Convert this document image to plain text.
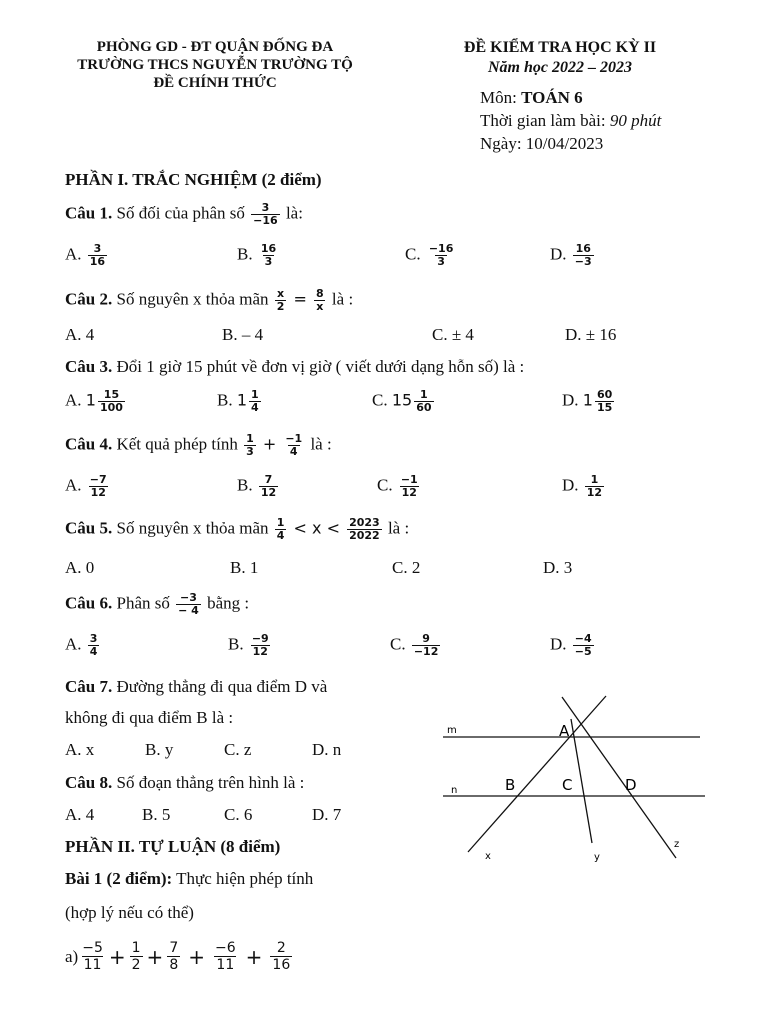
PHÒNG GD - ĐT QUẬN ĐỐNG ĐA
TRƯỜNG THCS NGUYỄN TRƯỜNG TỘ
ĐỀ CHÍNH THỨC
ĐỀ KIỂM TRA HỌC KỲ II
Năm học 2022 – 2023
Môn: TOÁN 6
Thời gian làm bài: 90 phút
Ngày: 10/04/2023
PHẦN I. TRẮC NGHIỆM (2 điểm)
Câu 1. Số đối của phân số $\frac{3}{-16}$ là:
A. $\frac{3}{16}$	B. $\frac{16}{3}$	C. $\frac{-16}{3}$	D. $\frac{16}{-3}$
Câu 2. Số nguyên x thỏa mãn $\frac{x}{2} = \frac{8}{x}$ là :
A. 4	B. – 4	C. ± 4	D. ± 16
Câu 3. Đổi 1 giờ 15 phút về đơn vị giờ ( viết dưới dạng hỗn số) là :
A. $1 \frac{15}{100}$	B. $1 \frac{1}{4}$	C. $15 \frac{1}{60}$	D. $1 \frac{60}{15}$
Câu 4. Kết quả phép tính $\frac{1}{3} + \frac{-1}{4}$ là :
A. $\frac{-7}{12}$	B. $\frac{7}{12}$	C. $\frac{-1}{12}$	D. $\frac{1}{12}$
Câu 5. Số nguyên x thỏa mãn $\frac{1}{4} < x < \frac{2023}{2022}$ là :
A. 0	B. 1	C. 2	D. 3
Câu 6. Phân số $\frac{-3}{- 4}$ bằng :
A. $\frac{3}{4}$	B. $\frac{-9}{12}$	C. $\frac{9}{-12}$	D. $\frac{-4}{-5}$
Câu 7. Đường thẳng đi qua điểm D và
không đi qua điểm B là :
A. x	B. y	C. z	D. n
Câu 8. Số đoạn thẳng trên hình là :
A. 4	B. 5	C. 6	D. 7
m
n
A
B	C	D
x	y
z
PHẦN II. TỰ LUẬN (8 điểm)
Bài 1 (2 điểm): Thực hiện phép tính
(hợp lý nếu có thể)
$a) \frac{-5}{11} + \frac{1}{2} + \frac{7}{8} + \frac{-6}{11} + \frac{2}{16}$
